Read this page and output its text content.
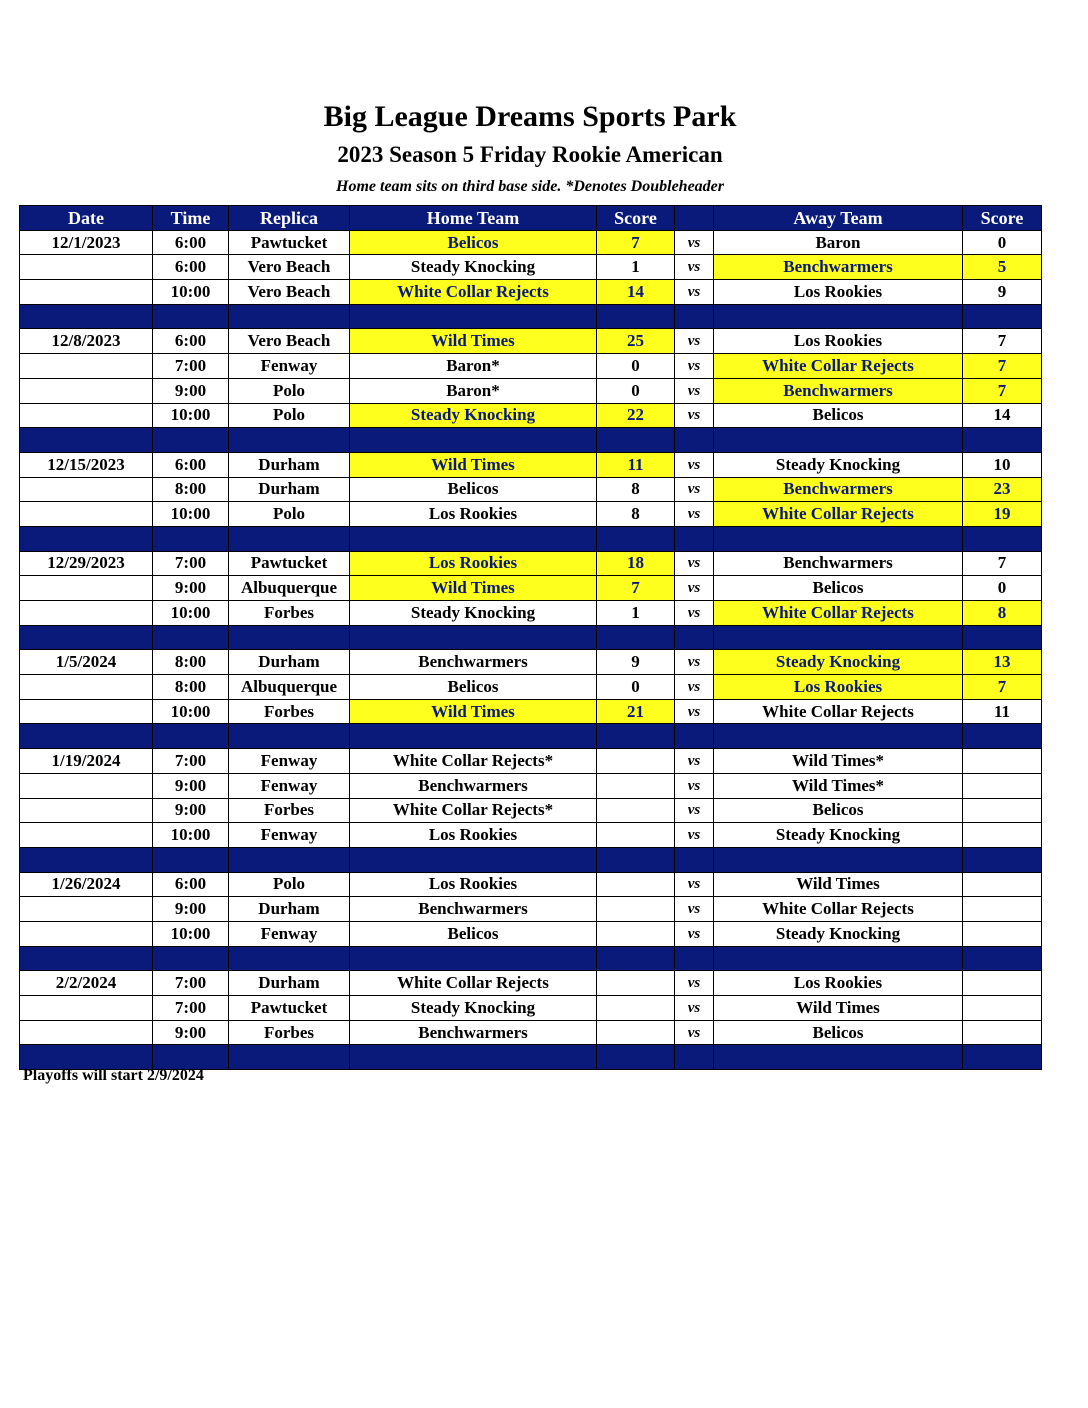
Big League Dreams Sports Park
2023 Season 5 Friday Rookie American

Home team sits on third base side. *Denotes Doubleheader

Date	Time	Replica	Home Team	Score		Away Team	Score
12/1/2023	6:00	Pawtucket	Belicos	7	vs	Baron	0
	6:00	Vero Beach	Steady Knocking	1	vs	Benchwarmers	5
	10:00	Vero Beach	White Collar Rejects	14	vs	Los Rookies	9

12/8/2023	6:00	Vero Beach	Wild Times	25	vs	Los Rookies	7
	7:00	Fenway	Baron*	0	vs	White Collar Rejects	7
	9:00	Polo	Baron*	0	vs	Benchwarmers	7
	10:00	Polo	Steady Knocking	22	vs	Belicos	14

12/15/2023	6:00	Durham	Wild Times	11	vs	Steady Knocking	10
	8:00	Durham	Belicos	8	vs	Benchwarmers	23
	10:00	Polo	Los Rookies	8	vs	White Collar Rejects	19

12/29/2023	7:00	Pawtucket	Los Rookies	18	vs	Benchwarmers	7
	9:00	Albuquerque	Wild Times	7	vs	Belicos	0
	10:00	Forbes	Steady Knocking	1	vs	White Collar Rejects	8

1/5/2024	8:00	Durham	Benchwarmers	9	vs	Steady Knocking	13
	8:00	Albuquerque	Belicos	0	vs	Los Rookies	7
	10:00	Forbes	Wild Times	21	vs	White Collar Rejects	11

1/19/2024	7:00	Fenway	White Collar Rejects*		vs	Wild Times*	
	9:00	Fenway	Benchwarmers		vs	Wild Times*	
	9:00	Forbes	White Collar Rejects*		vs	Belicos	
	10:00	Fenway	Los Rookies		vs	Steady Knocking	

1/26/2024	6:00	Polo	Los Rookies		vs	Wild Times	
	9:00	Durham	Benchwarmers		vs	White Collar Rejects	
	10:00	Fenway	Belicos		vs	Steady Knocking	

2/2/2024	7:00	Durham	White Collar Rejects		vs	Los Rookies	
	7:00	Pawtucket	Steady Knocking		vs	Wild Times	
	9:00	Forbes	Benchwarmers		vs	Belicos	

Playoffs will start 2/9/2024
